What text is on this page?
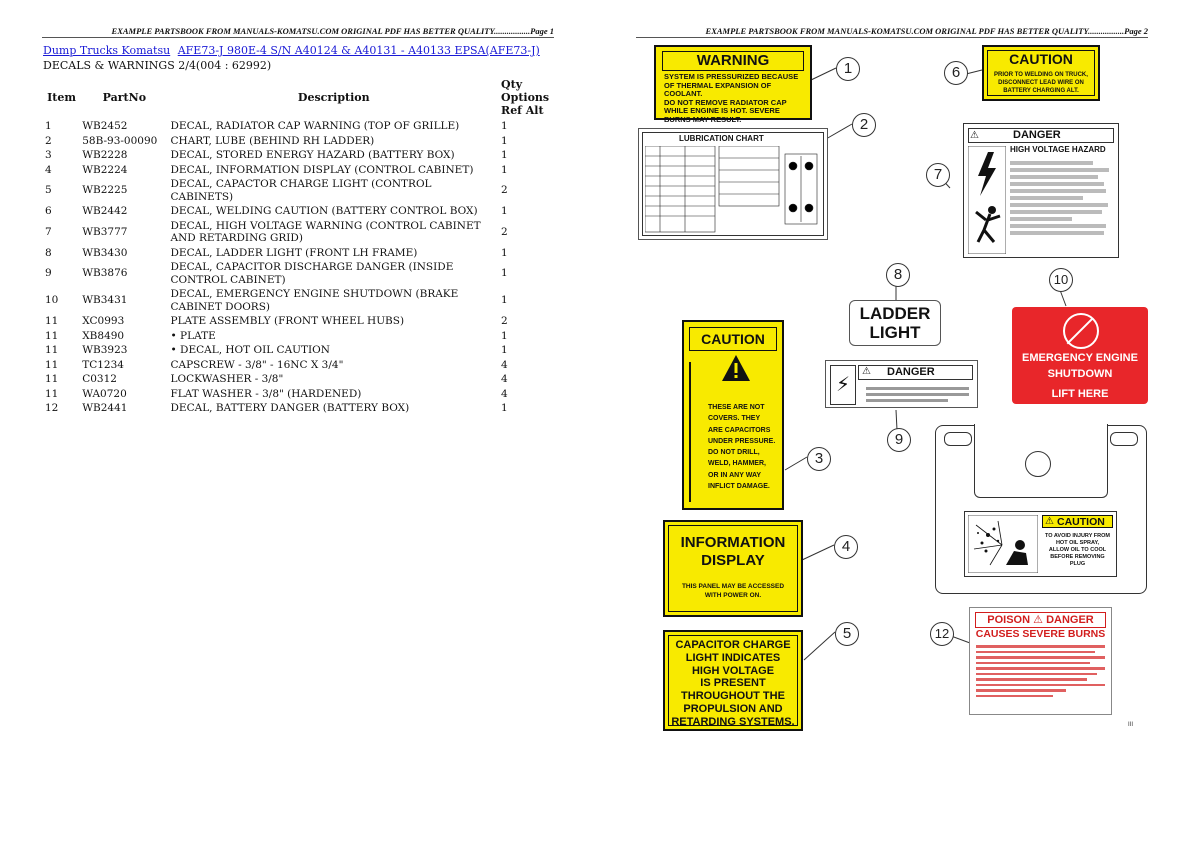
EXAMPLE PARTSBOOK FROM MANUALS-KOMATSU.COM ORIGINAL PDF HAS BETTER QUALITY.................Page 1	EXAMPLE PARTSBOOK FROM MANUALS-KOMATSU.COM ORIGINAL PDF HAS BETTER QUALITY.................Page 2
Dump Trucks Komatsu AFE73-J 980E-4 S/N A40124 & A40131 - A40133 EPSA(AFE73-J)
DECALS & WARNINGS 2/4(004 : 62992)
Item	PartNo	Description	Qty Options Ref Alt
1	WB2452	DECAL, RADIATOR CAP WARNING (TOP OF GRILLE)	1
2	58B-93-00090	CHART, LUBE (BEHIND RH LADDER)	1
3	WB2228	DECAL, STORED ENERGY HAZARD (BATTERY BOX)	1
4	WB2224	DECAL, INFORMATION DISPLAY (CONTROL CABINET)	1
5	WB2225	DECAL, CAPACTOR CHARGE LIGHT (CONTROL CABINETS)	2
6	WB2442	DECAL, WELDING CAUTION (BATTERY CONTROL BOX)	1
7	WB3777	DECAL, HIGH VOLTAGE WARNING (CONTROL CABINET AND RETARDING GRID)	2
8	WB3430	DECAL, LADDER LIGHT (FRONT LH FRAME)	1
9	WB3876	DECAL, CAPACITOR DISCHARGE DANGER (INSIDE CONTROL CABINET)	1
10	WB3431	DECAL, EMERGENCY ENGINE SHUTDOWN (BRAKE CABINET DOORS)	1
11	XC0993	PLATE ASSEMBLY (FRONT WHEEL HUBS)	2
11	XB8490	• PLATE	1
11	WB3923	• DECAL, HOT OIL CAUTION	1
11	TC1234	CAPSCREW - 3/8" - 16NC X 3/4"	4
11	C0312	LOCKWASHER - 3/8"	4
11	WA0720	FLAT WASHER - 3/8" (HARDENED)	4
12	WB2441	DECAL, BATTERY DANGER (BATTERY BOX)	1
WARNING
SYSTEM IS PRESSURIZED BECAUSE
OF THERMAL EXPANSION OF COOLANT.
DO NOT REMOVE RADIATOR CAP
WHILE ENGINE IS HOT. SEVERE
BURNS MAY RESULT.
LUBRICATION CHART
CAUTION
THESE ARE NOT
COVERS. THEY
ARE CAPACITORS
UNDER PRESSURE.
DO NOT DRILL,
WELD, HAMMER,
OR IN ANY WAY
INFLICT DAMAGE.
INFORMATION
DISPLAY
THIS PANEL MAY BE ACCESSED
WITH POWER ON.
CAPACITOR CHARGE
LIGHT INDICATES
HIGH VOLTAGE
IS PRESENT
THROUGHOUT THE
PROPULSION AND
RETARDING SYSTEMS.
CAUTION
PRIOR TO WELDING ON TRUCK,
DISCONNECT LEAD WIRE ON
BATTERY CHARGING ALT.
DANGER
⚠
HIGH VOLTAGE HAZARD
LADDER
LIGHT
⚡
DANGER
⚠
EMERGENCY ENGINE
SHUTDOWN
LIFT HERE
CAUTION
⚠
TO AVOID INJURY FROM
HOT OIL SPRAY,
ALLOW OIL TO COOL
BEFORE REMOVING
PLUG
POISON ⚠ DANGER
CAUSES SEVERE BURNS
1
2
3
4
5
6
7
8
9
10
12
III
